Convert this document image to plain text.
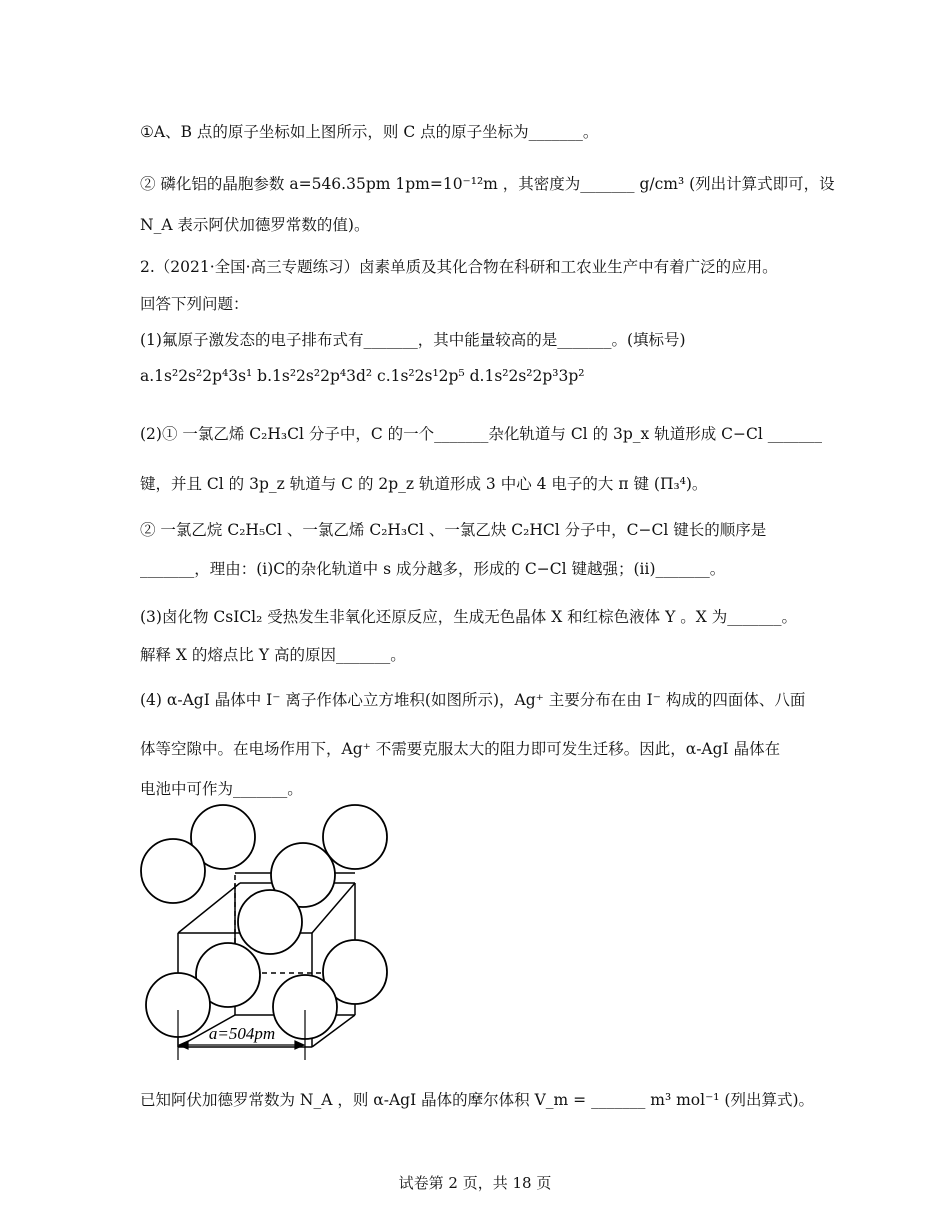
①A、B 点的原子坐标如上图所示，则 C 点的原子坐标为_______。
② 磷化铝的晶胞参数 a=546.35pm 1pm=10⁻¹²m ，其密度为_______ g/cm³ (列出计算式即可，设
N_A 表示阿伏加德罗常数的值)。
2.（2021·全国·高三专题练习）卤素单质及其化合物在科研和工农业生产中有着广泛的应用。
回答下列问题：
(1)氟原子激发态的电子排布式有_______，其中能量较高的是_______。(填标号)
a.1s²2s²2p⁴3s¹ b.1s²2s²2p⁴3d² c.1s²2s¹2p⁵ d.1s²2s²2p³3p²
(2)① 一氯乙烯 C₂H₃Cl 分子中，C 的一个_______杂化轨道与 Cl 的 3p_x 轨道形成 C−Cl _______
键，并且 Cl 的 3p_z 轨道与 C 的 2p_z 轨道形成 3 中心 4 电子的大 π 键 (Π₃⁴)。
② 一氯乙烷 C₂H₅Cl 、一氯乙烯 C₂H₃Cl 、一氯乙炔 C₂HCl 分子中，C−Cl 键长的顺序是
_______，理由：(ⅰ)C的杂化轨道中 s 成分越多，形成的 C−Cl 键越强；(ⅱ)_______。
(3)卤化物 CsICl₂ 受热发生非氧化还原反应，生成无色晶体 X 和红棕色液体 Y 。X 为_______。
解释 X 的熔点比 Y 高的原因_______。
(4) α-AgI 晶体中 I⁻ 离子作体心立方堆积(如图所示)，Ag⁺ 主要分布在由 I⁻ 构成的四面体、八面
体等空隙中。在电场作用下，Ag⁺ 不需要克服太大的阻力即可发生迁移。因此，α-AgI 晶体在
电池中可作为_______。
a=504pm
试卷第 2 页，共 18 页
已知阿伏加德罗常数为 N_A ，则 α-AgI 晶体的摩尔体积 V_m = _______ m³ mol⁻¹ (列出算式)。
